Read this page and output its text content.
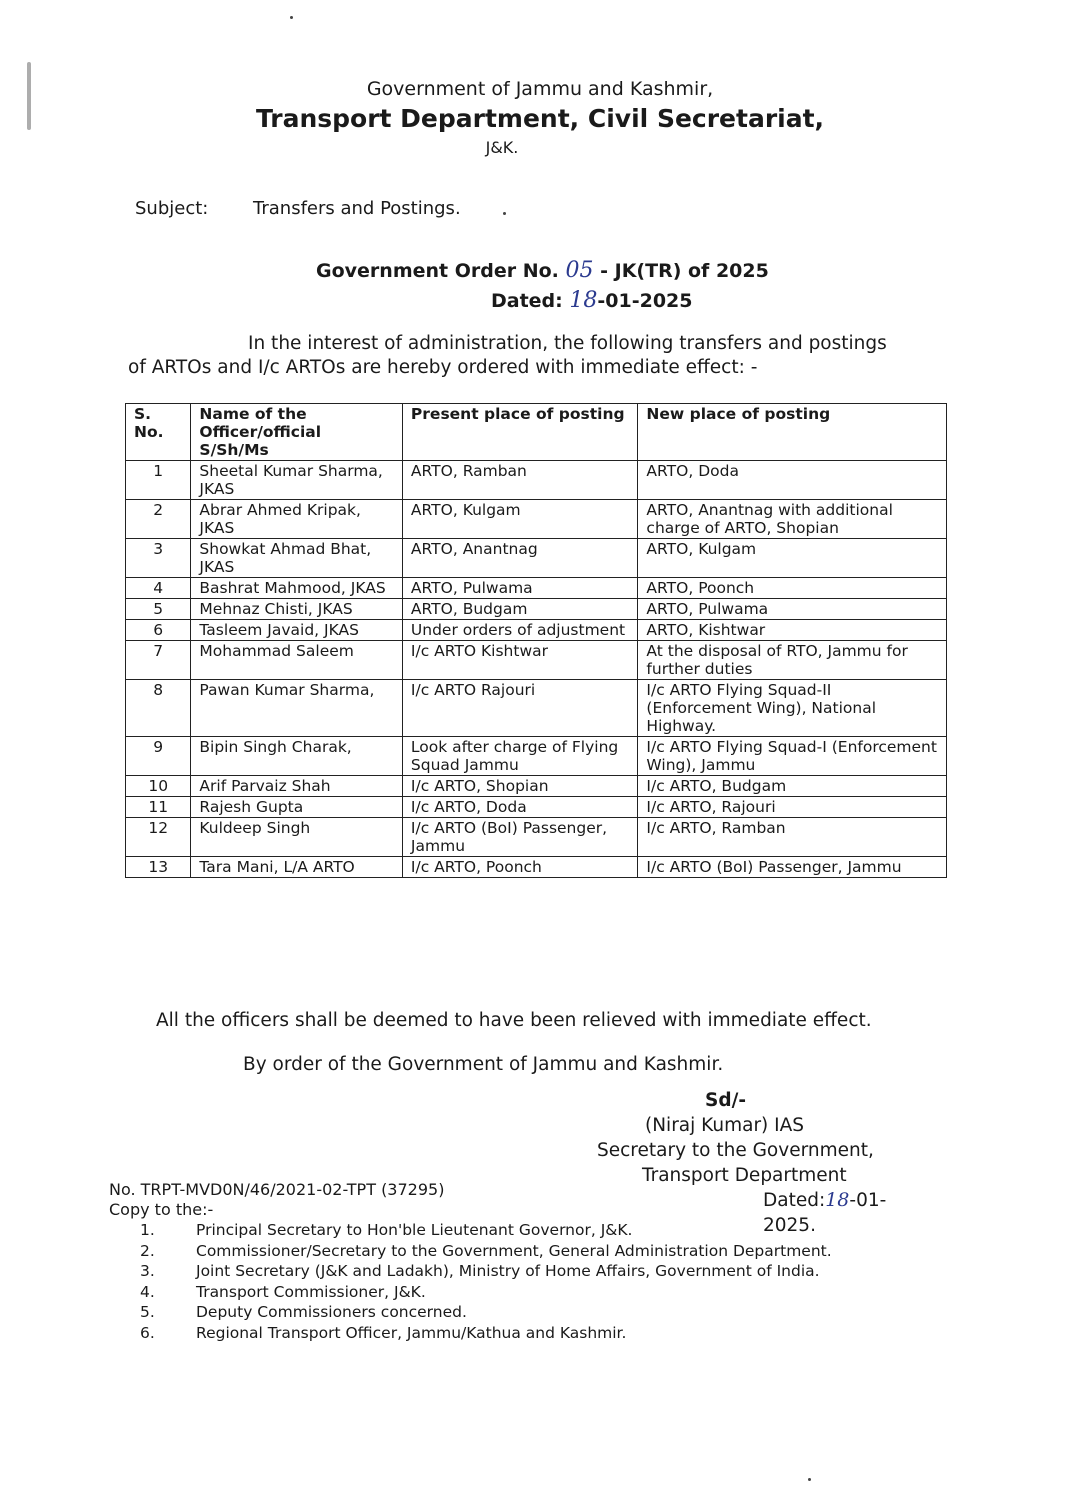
Government of Jammu and Kashmir,
Transport Department, Civil Secretariat,
J&K.
Subject: Transfers and Postings.
Government Order No. 05 - JK(TR) of 2025
Dated: 18-01-2025
In the interest of administration, the following transfers and postings
of ARTOs and I/c ARTOs are hereby ordered with immediate effect: -
S. No.	Name of the Officer/official S/Sh/Ms	Present place of posting	New place of posting
1	Sheetal Kumar Sharma, JKAS	ARTO, Ramban	ARTO, Doda
2	Abrar Ahmed Kripak, JKAS	ARTO, Kulgam	ARTO, Anantnag with additional charge of ARTO, Shopian
3	Showkat Ahmad Bhat, JKAS	ARTO, Anantnag	ARTO, Kulgam
4	Bashrat Mahmood, JKAS	ARTO, Pulwama	ARTO, Poonch
5	Mehnaz Chisti, JKAS	ARTO, Budgam	ARTO, Pulwama
6	Tasleem Javaid, JKAS	Under orders of adjustment	ARTO, Kishtwar
7	Mohammad Saleem	I/c ARTO Kishtwar	At the disposal of RTO, Jammu for further duties
8	Pawan Kumar Sharma,	I/c ARTO Rajouri	I/c ARTO Flying Squad-II (Enforcement Wing), National Highway.
9	Bipin Singh Charak,	Look after charge of Flying Squad Jammu	I/c ARTO Flying Squad-I (Enforcement Wing), Jammu
10	Arif Parvaiz Shah	I/c ARTO, Shopian	I/c ARTO, Budgam
11	Rajesh Gupta	I/c ARTO, Doda	I/c ARTO, Rajouri
12	Kuldeep Singh	I/c ARTO (BoI) Passenger, Jammu	I/c ARTO, Ramban
13	Tara Mani, L/A ARTO	I/c ARTO, Poonch	I/c ARTO (BoI) Passenger, Jammu
All the officers shall be deemed to have been relieved with immediate effect.
By order of the Government of Jammu and Kashmir.
Sd/-
(Niraj Kumar) IAS
Secretary to the Government,
Transport Department
Dated:18-01-2025.
No. TRPT-MVD0N/46/2021-02-TPT (37295)
Copy to the:-
1.	Principal Secretary to Hon'ble Lieutenant Governor, J&K.
2.	Commissioner/Secretary to the Government, General Administration Department.
3.	Joint Secretary (J&K and Ladakh), Ministry of Home Affairs, Government of India.
4.	Transport Commissioner, J&K.
5.	Deputy Commissioners concerned.
6.	Regional Transport Officer, Jammu/Kathua and Kashmir.
